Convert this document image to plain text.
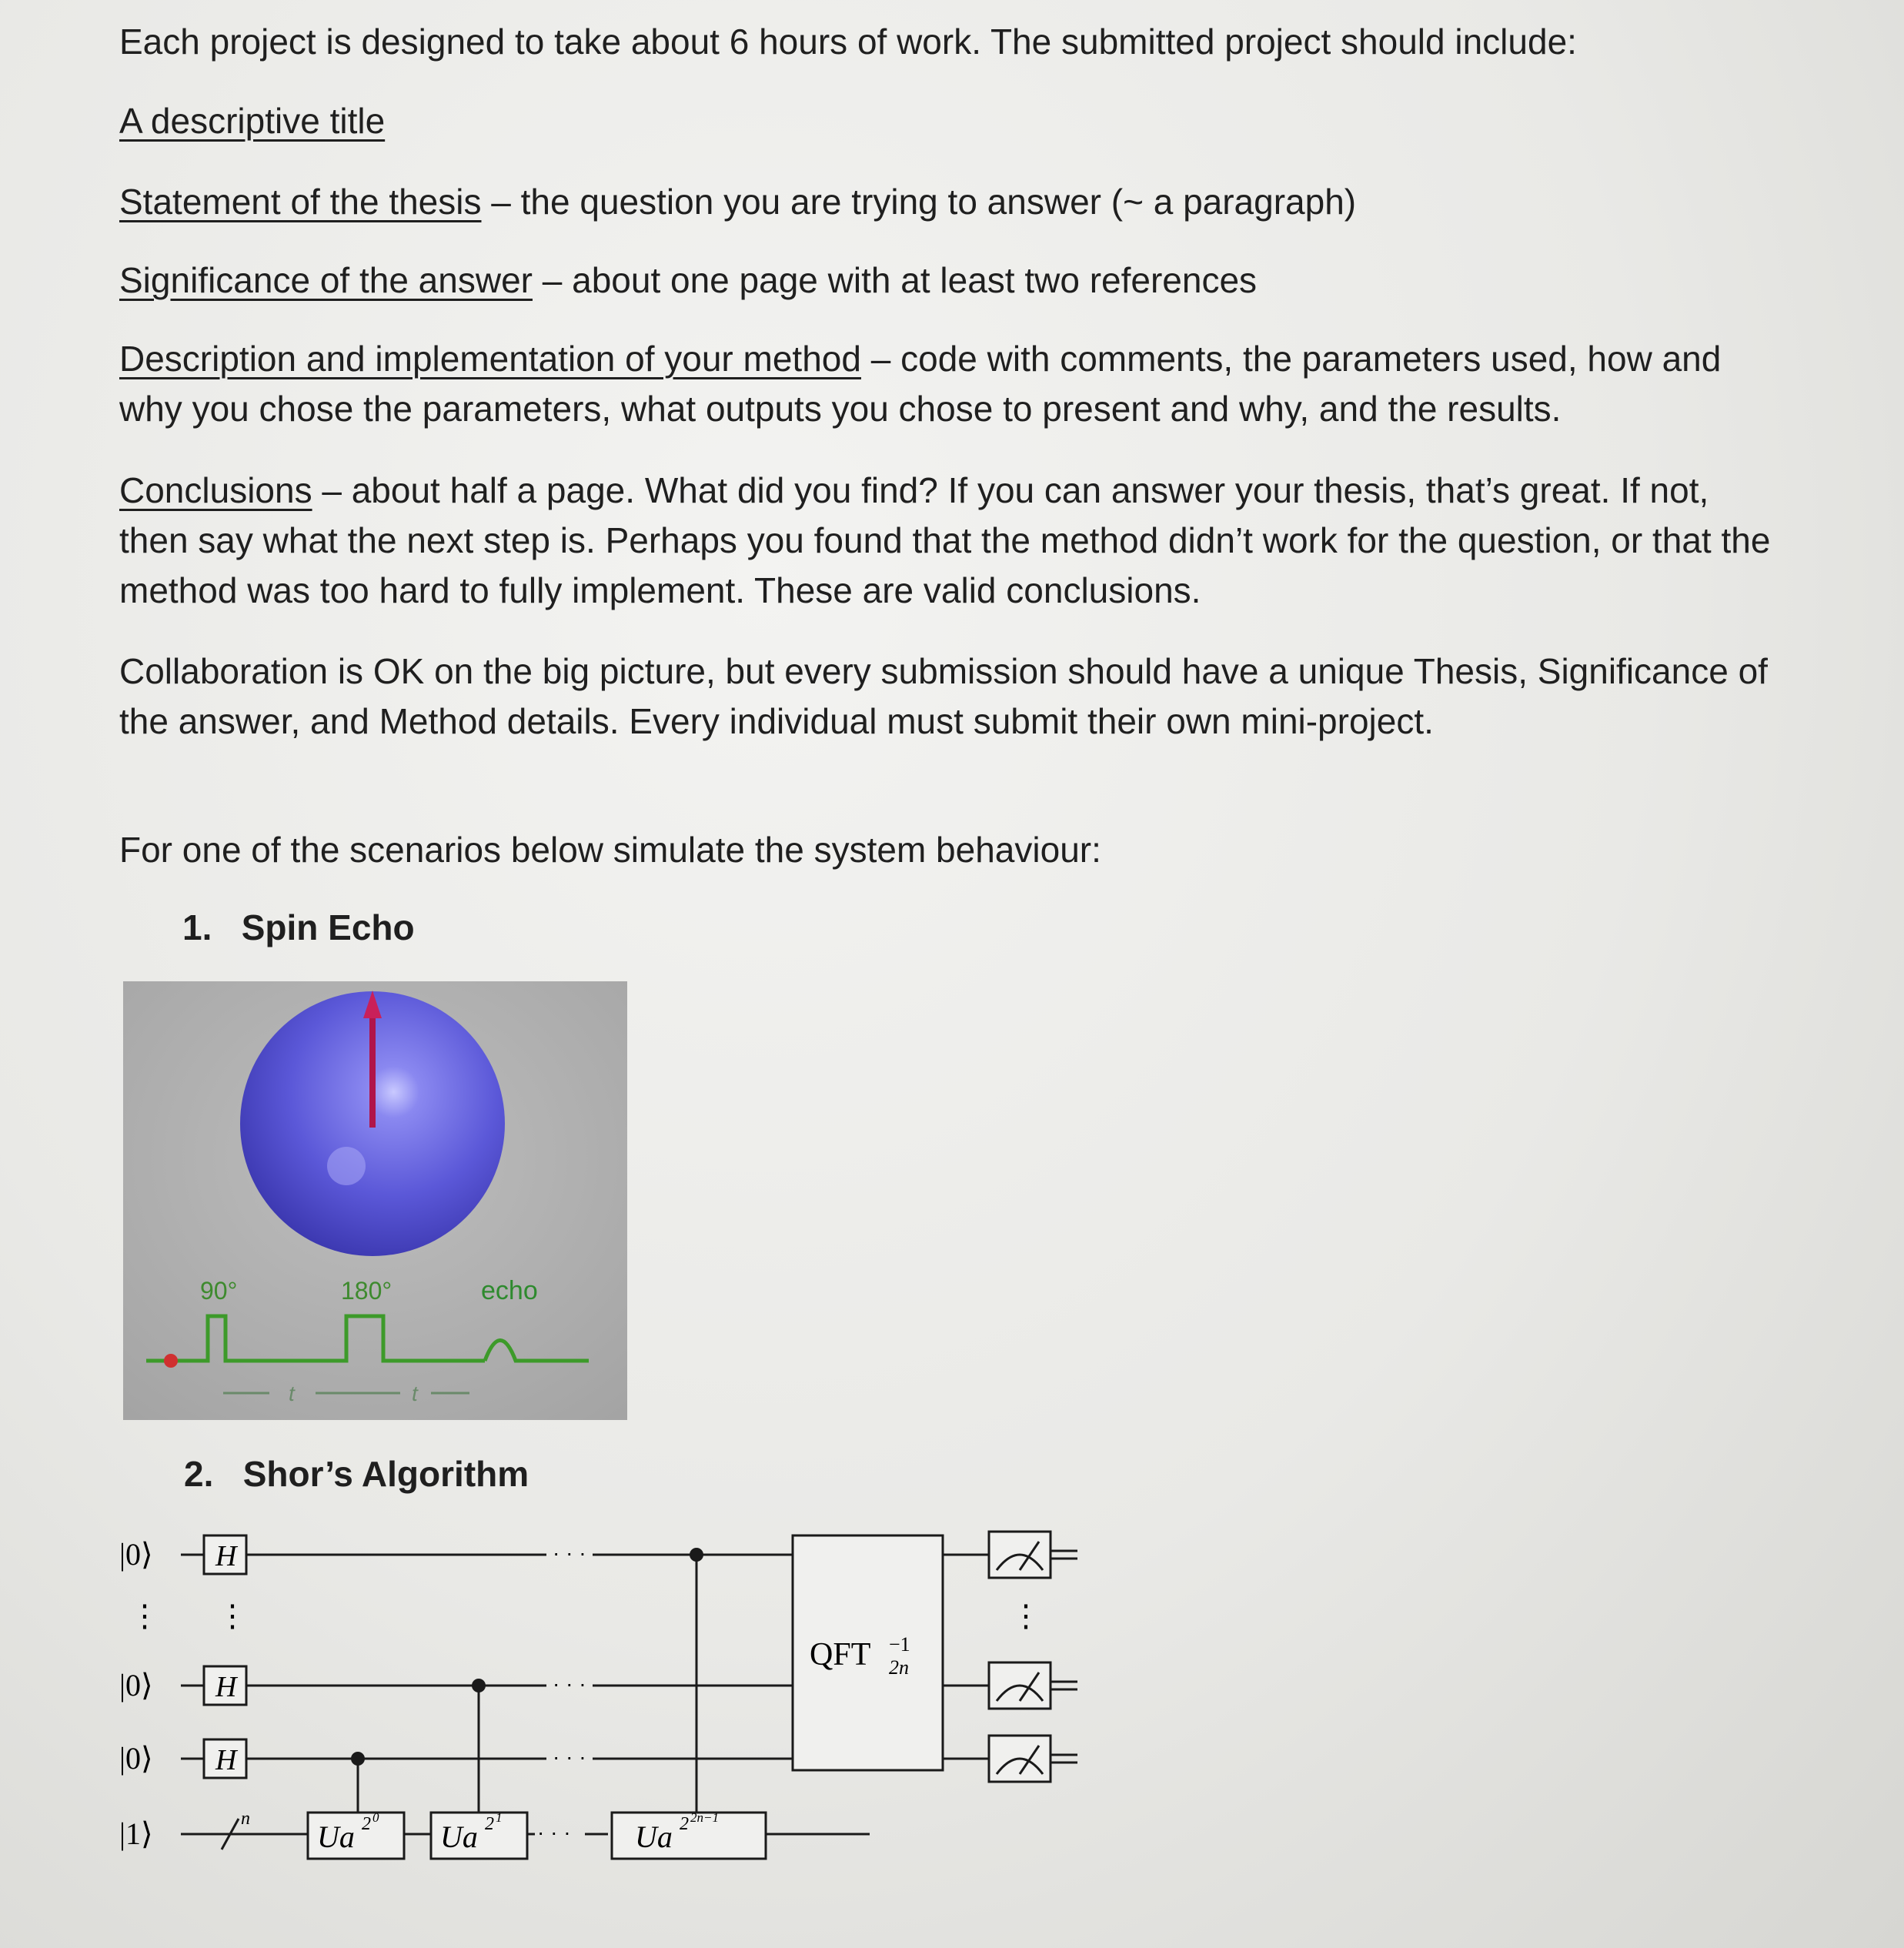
Each project is designed to take about 6 hours of work. The submitted project should include:

A descriptive title

Statement of the thesis – the question you are trying to answer (~ a paragraph)

Significance of the answer – about one page with at least two references

Description and implementation of your method – code with comments, the parameters used, how and why you chose the parameters, what outputs you chose to present and why, and the results.

Conclusions – about half a page. What did you find? If you can answer your thesis, that’s great. If not, then say what the next step is. Perhaps you found that the method didn’t work for the question, or that the method was too hard to fully implement. These are valid conclusions.

Collaboration is OK on the big picture, but every submission should have a unique Thesis, Significance of the answer, and Method details. Every individual must submit their own mini-project.

For one of the scenarios below simulate the system behaviour:

1. Spin Echo
90°	180°	echo
t	t
2. Shor’s Algorithm
|0⟩
|0⟩
|0⟩
|1⟩
⋮ ⋮	⋮
H
H
H
· · ·
· · ·
· · ·
· · ·
n
Ua 2 0
Ua 2 1
Ua 2 2n−1
QFT −1
2n
